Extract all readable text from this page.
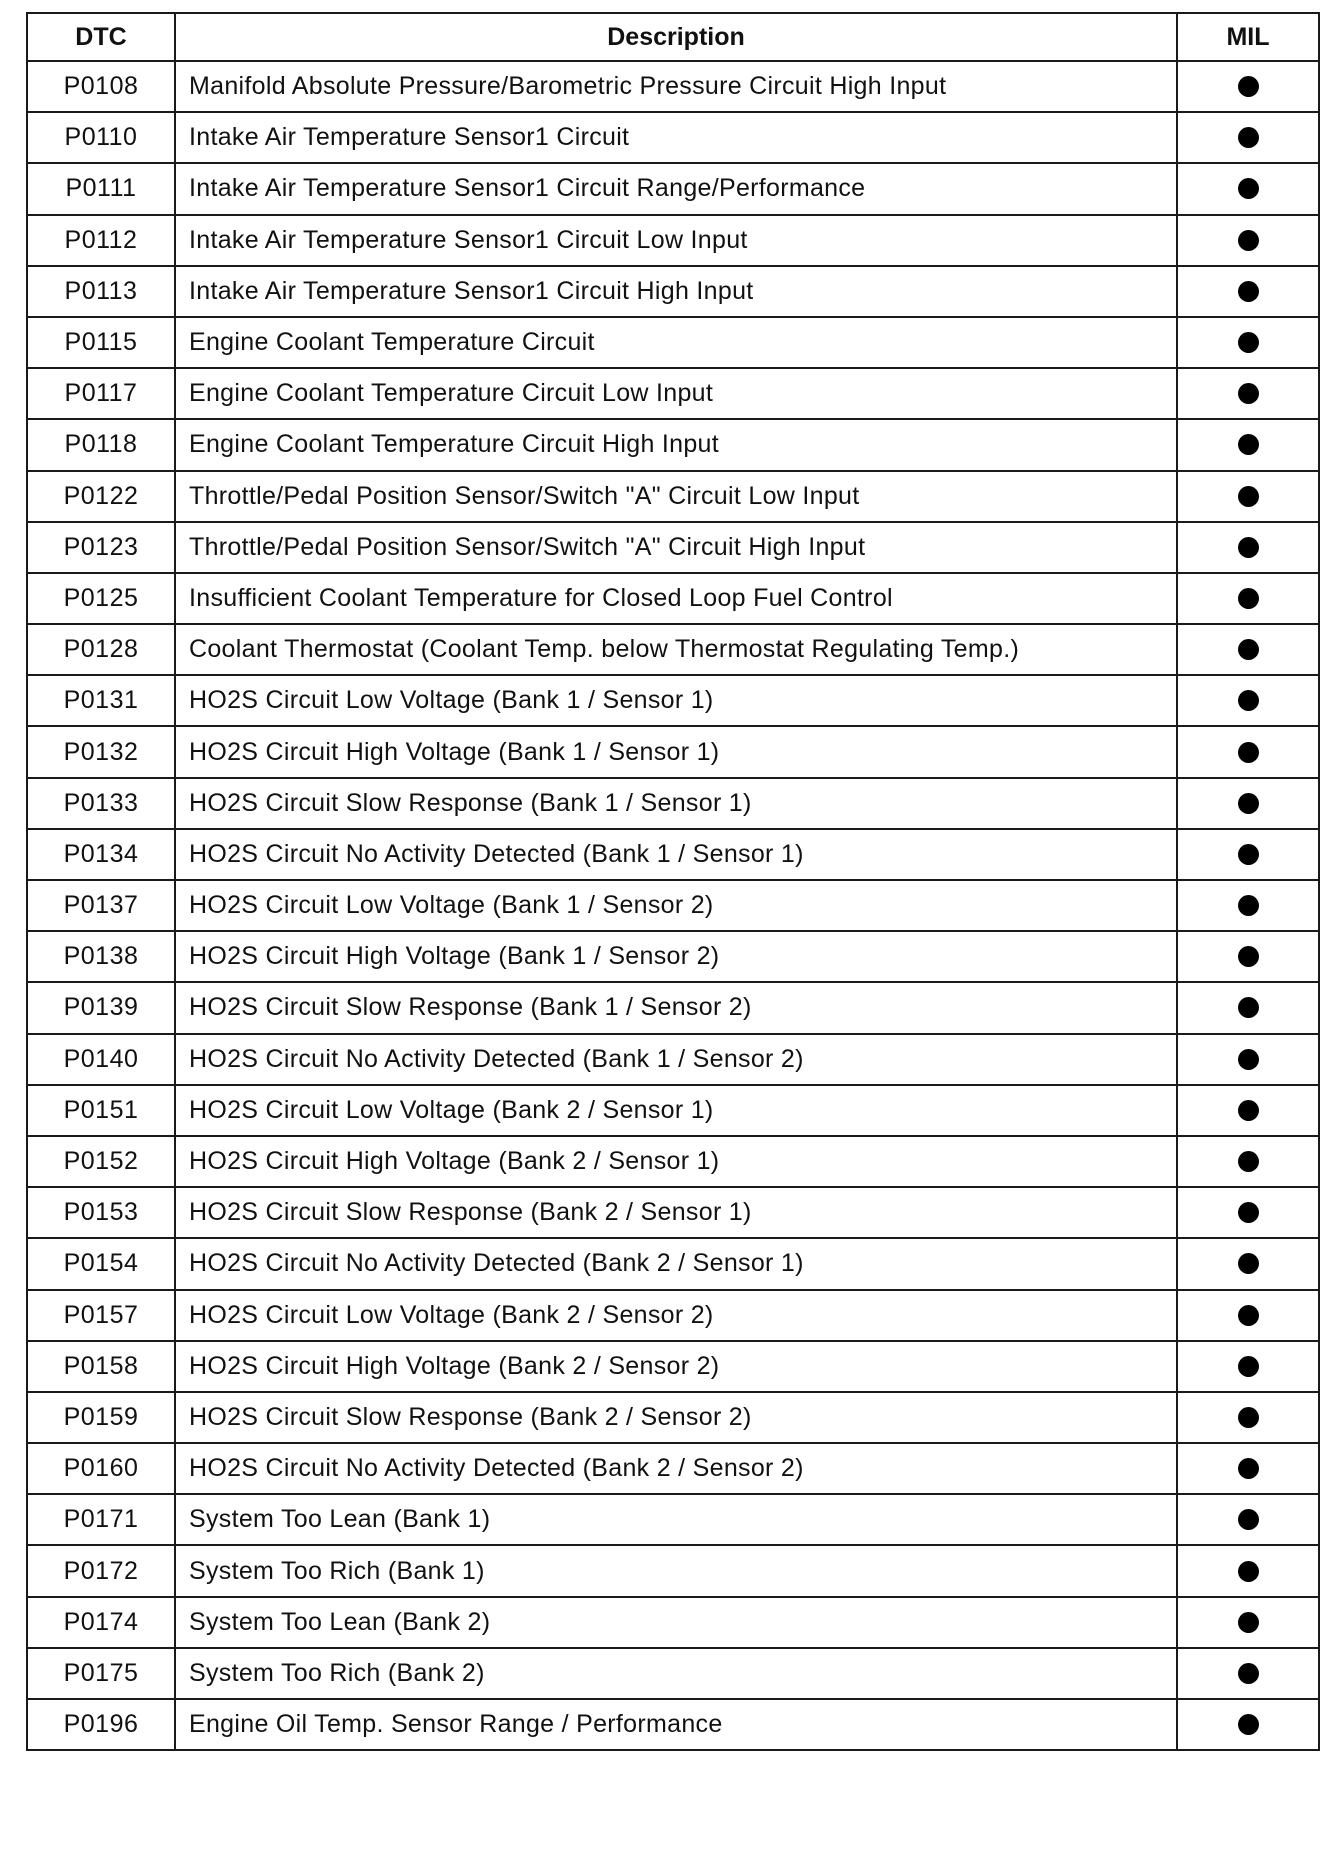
DTC	Description	MIL
P0108	Manifold Absolute Pressure/Barometric Pressure Circuit High Input	
P0110	Intake Air Temperature Sensor1 Circuit	
P0111	Intake Air Temperature Sensor1 Circuit Range/Performance	
P0112	Intake Air Temperature Sensor1 Circuit Low Input	
P0113	Intake Air Temperature Sensor1 Circuit High Input	
P0115	Engine Coolant Temperature Circuit	
P0117	Engine Coolant Temperature Circuit Low Input	
P0118	Engine Coolant Temperature Circuit High Input	
P0122	Throttle/Pedal Position Sensor/Switch "A" Circuit Low Input	
P0123	Throttle/Pedal Position Sensor/Switch "A" Circuit High Input	
P0125	Insufficient Coolant Temperature for Closed Loop Fuel Control	
P0128	Coolant Thermostat (Coolant Temp. below Thermostat Regulating Temp.)	
P0131	HO2S Circuit Low Voltage (Bank 1 / Sensor 1)	
P0132	HO2S Circuit High Voltage (Bank 1 / Sensor 1)	
P0133	HO2S Circuit Slow Response (Bank 1 / Sensor 1)	
P0134	HO2S Circuit No Activity Detected (Bank 1 / Sensor 1)	
P0137	HO2S Circuit Low Voltage (Bank 1 / Sensor 2)	
P0138	HO2S Circuit High Voltage (Bank 1 / Sensor 2)	
P0139	HO2S Circuit Slow Response (Bank 1 / Sensor 2)	
P0140	HO2S Circuit No Activity Detected (Bank 1 / Sensor 2)	
P0151	HO2S Circuit Low Voltage (Bank 2 / Sensor 1)	
P0152	HO2S Circuit High Voltage (Bank 2 / Sensor 1)	
P0153	HO2S Circuit Slow Response (Bank 2 / Sensor 1)	
P0154	HO2S Circuit No Activity Detected (Bank 2 / Sensor 1)	
P0157	HO2S Circuit Low Voltage (Bank 2 / Sensor 2)	
P0158	HO2S Circuit High Voltage (Bank 2 / Sensor 2)	
P0159	HO2S Circuit Slow Response (Bank 2 / Sensor 2)	
P0160	HO2S Circuit No Activity Detected (Bank 2 / Sensor 2)	
P0171	System Too Lean (Bank 1)	
P0172	System Too Rich (Bank 1)	
P0174	System Too Lean (Bank 2)	
P0175	System Too Rich (Bank 2)	
P0196	Engine Oil Temp. Sensor Range / Performance	
